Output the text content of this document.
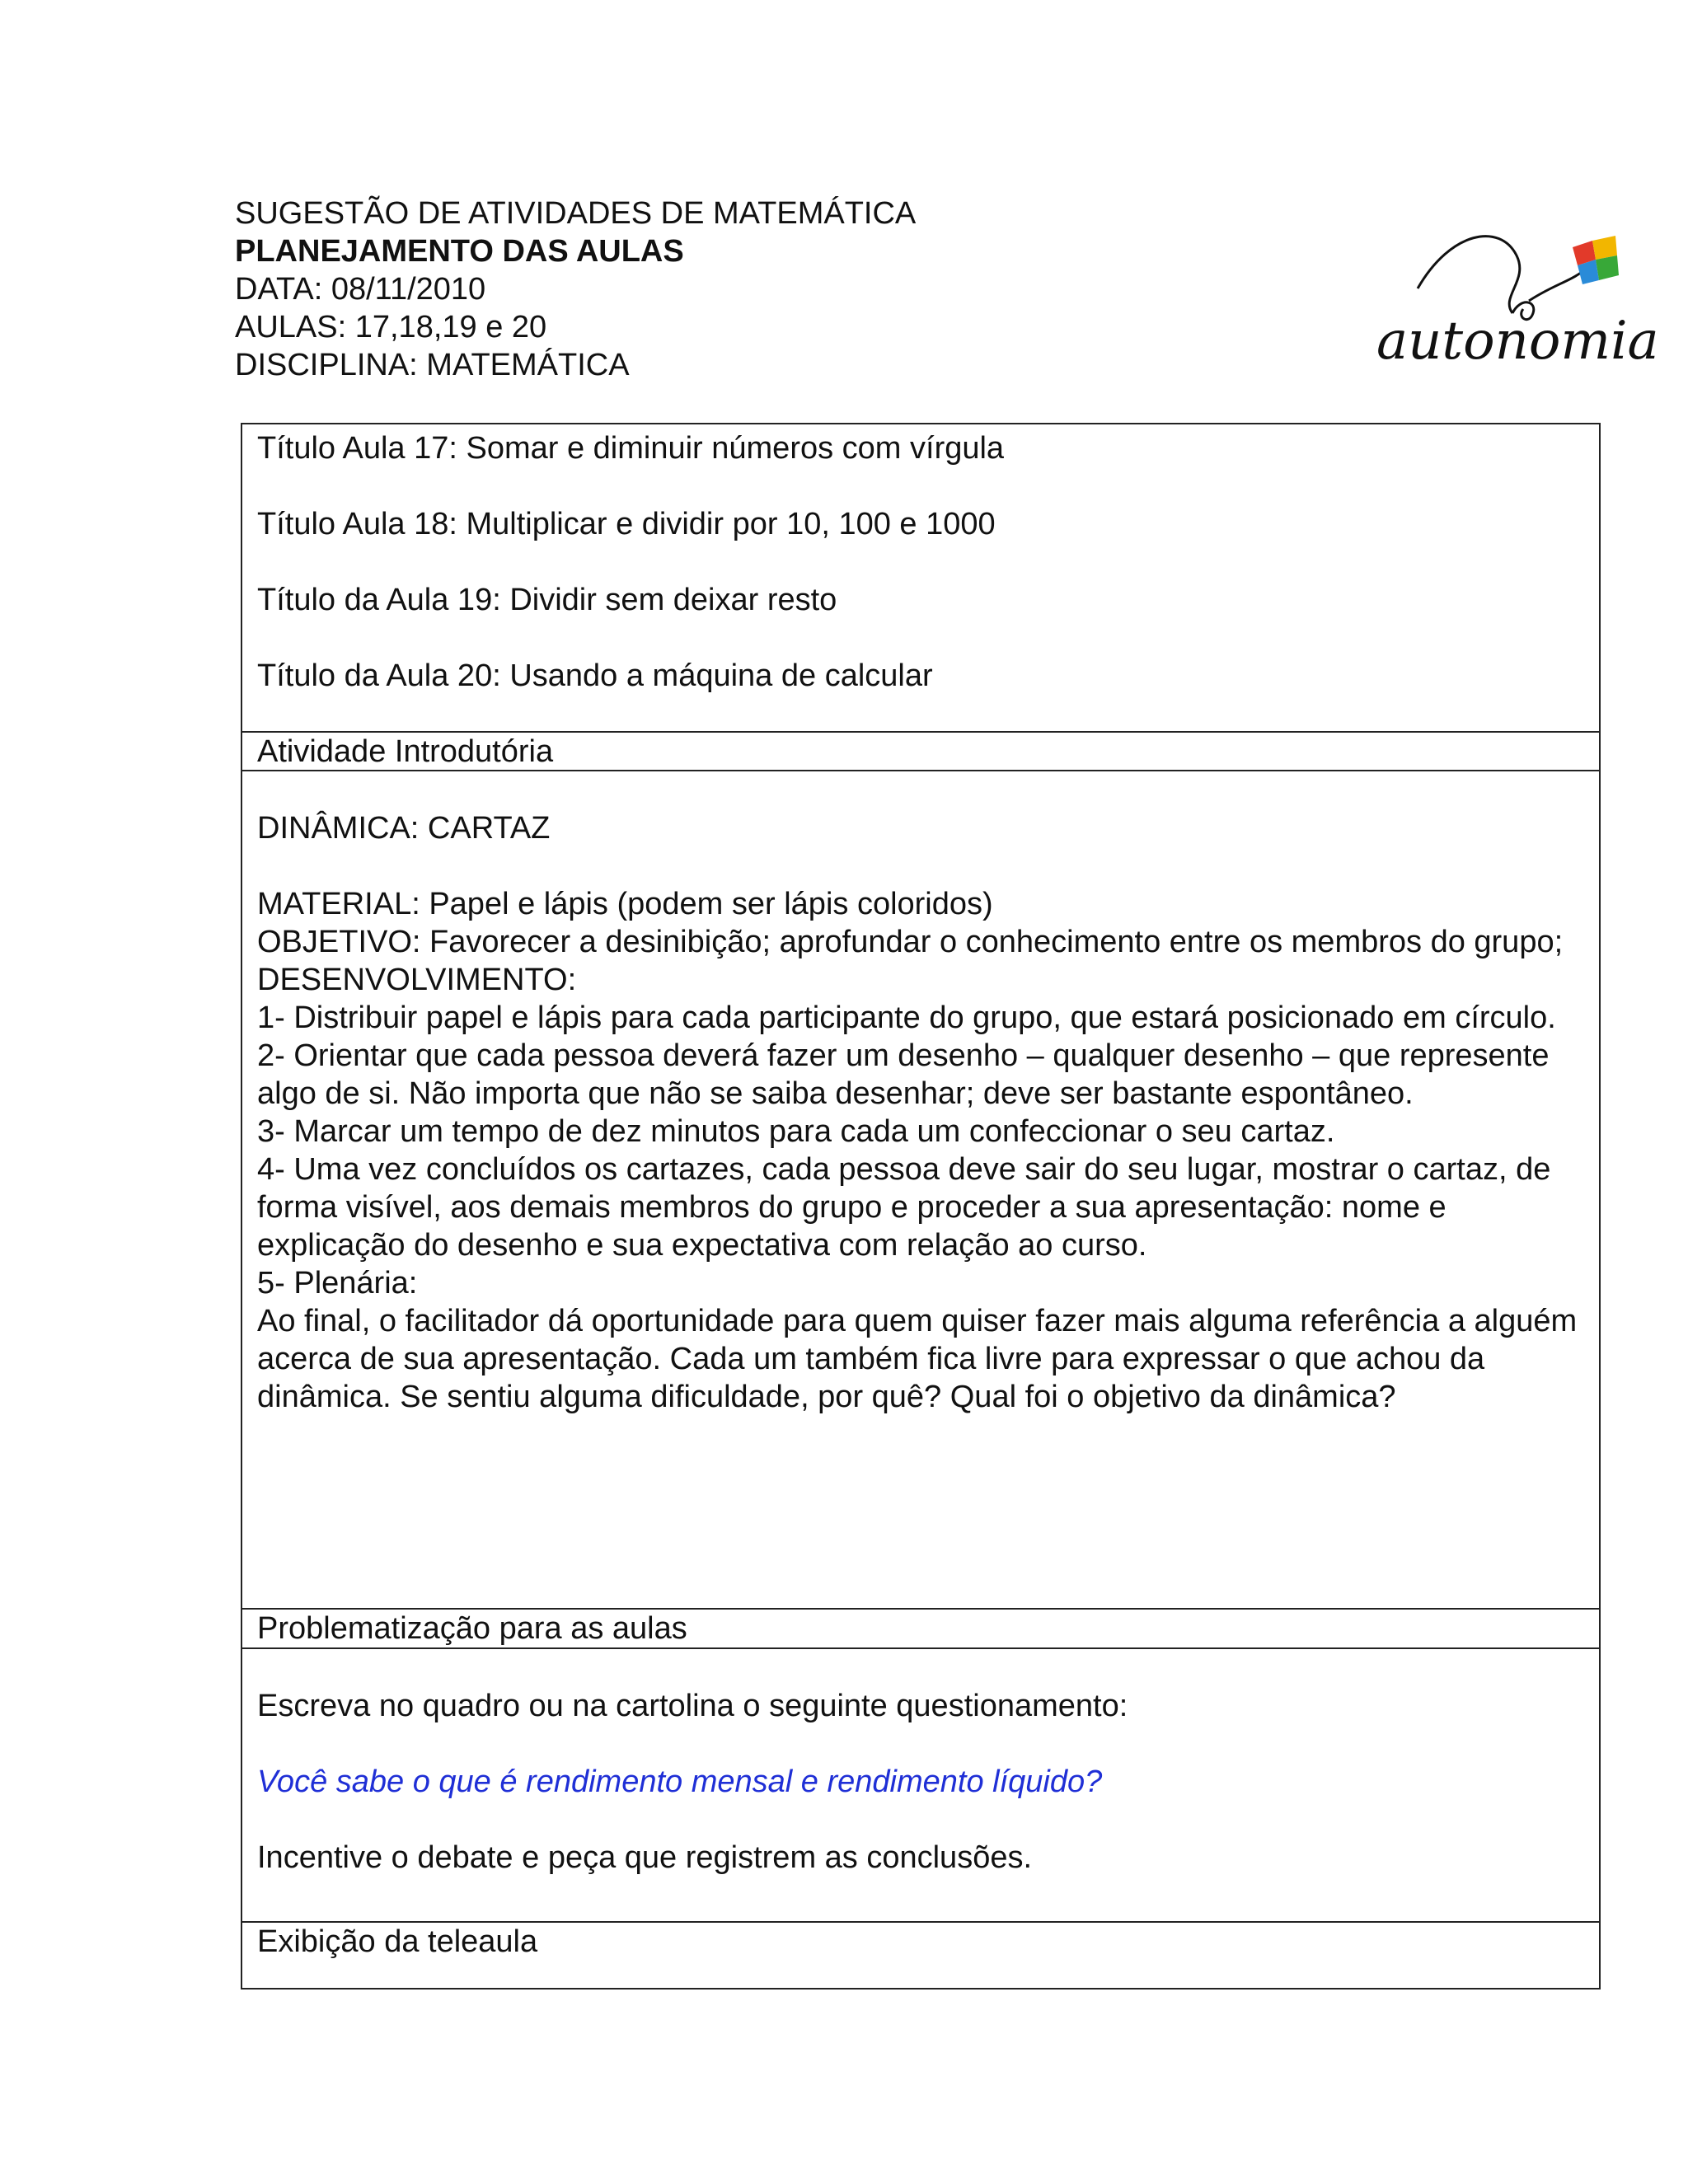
SUGESTÃO DE ATIVIDADES DE MATEMÁTICA
PLANEJAMENTO DAS AULAS
DATA: 08/11/2010
AULAS: 17,18,19 e 20
DISCIPLINA: MATEMÁTICA	autonomia

Título Aula 17: Somar e diminuir números com vírgula

Título Aula 18: Multiplicar e dividir por 10, 100 e 1000

Título da Aula 19: Dividir sem deixar resto

Título da Aula 20: Usando a máquina de calcular

Atividade Introdutória

DINÂMICA: CARTAZ

MATERIAL: Papel e lápis (podem ser lápis coloridos)

OBJETIVO: Favorecer a desinibição; aprofundar o conhecimento entre os membros do grupo;

DESENVOLVIMENTO:

1- Distribuir papel e lápis para cada participante do grupo, que estará posicionado em círculo.

2- Orientar que cada pessoa deverá fazer um desenho – qualquer desenho – que represente algo de si. Não importa que não se saiba desenhar; deve ser bastante espontâneo.

3- Marcar um tempo de dez minutos para cada um confeccionar o seu cartaz.

4- Uma vez concluídos os cartazes, cada pessoa deve sair do seu lugar, mostrar o cartaz, de forma visível, aos demais membros do grupo e proceder a sua apresentação: nome e explicação do desenho e sua expectativa com relação ao curso.

5- Plenária:

Ao final, o facilitador dá oportunidade para quem quiser fazer mais alguma referência a alguém acerca de sua apresentação. Cada um também fica livre para expressar o que achou da dinâmica. Se sentiu alguma dificuldade, por quê? Qual foi o objetivo da dinâmica?

Problematização para as aulas

Escreva no quadro ou na cartolina o seguinte questionamento:

Você sabe o que é rendimento mensal e rendimento líquido?

Incentive o debate e peça que registrem as conclusões.

Exibição da teleaula
